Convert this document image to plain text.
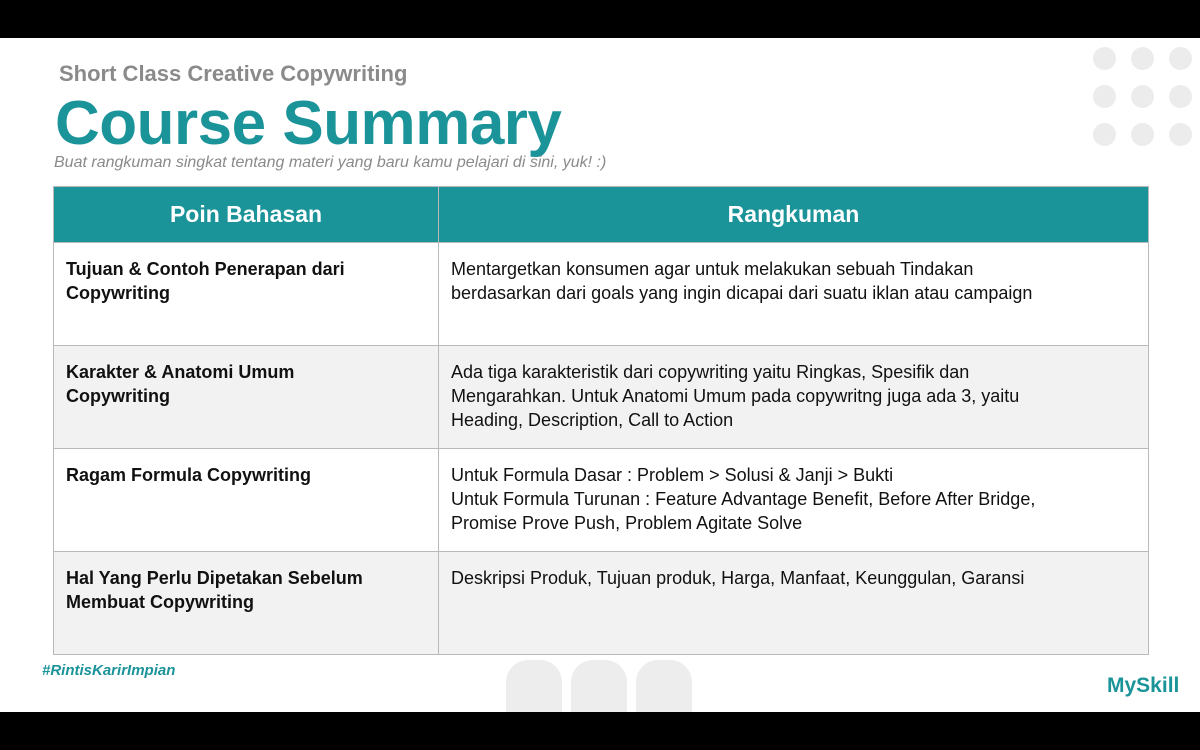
Short Class Creative Copywriting
Course Summary
Buat rangkuman singkat tentang materi yang baru kamu pelajari di sini, yuk! :)
Poin Bahasan	Rangkuman

Tujuan & Contoh Penerapan dari
Copywriting	Mentargetkan konsumen agar untuk melakukan sebuah Tindakan
berdasarkan dari goals yang ingin dicapai dari suatu iklan atau campaign

Karakter & Anatomi Umum
Copywriting	Ada tiga karakteristik dari copywriting yaitu Ringkas, Spesifik dan
Mengarahkan. Untuk Anatomi Umum pada copywritng juga ada 3, yaitu
Heading, Description, Call to Action

Ragam Formula Copywriting	Untuk Formula Dasar : Problem > Solusi & Janji > Bukti
Untuk Formula Turunan : Feature Advantage Benefit, Before After Bridge,
Promise Prove Push, Problem Agitate Solve

Hal Yang Perlu Dipetakan Sebelum
Membuat Copywriting	Deskripsi Produk, Tujuan produk, Harga, Manfaat, Keunggulan, Garansi
#RintisKarirImpian
MySkill
